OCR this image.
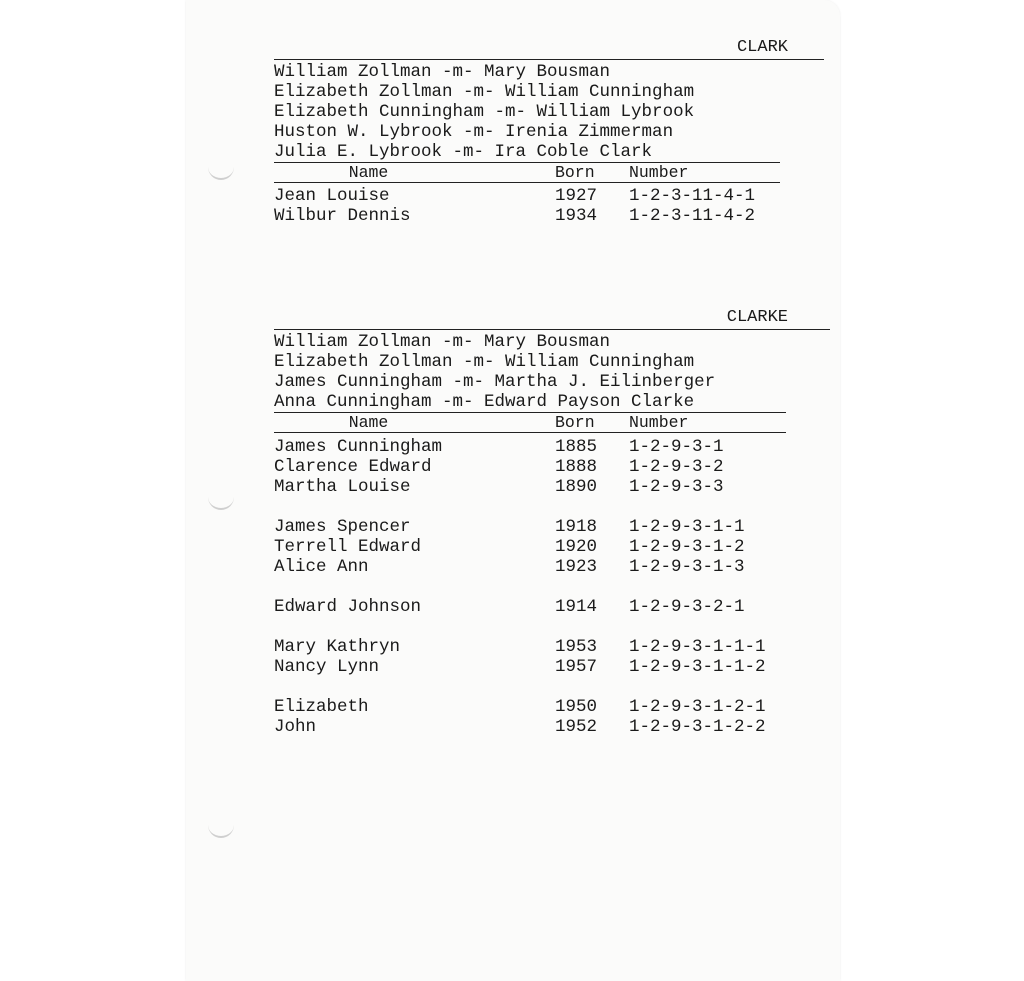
CLARK
William Zollman -m- Mary Bousman
Elizabeth Zollman -m- William Cunningham
Elizabeth Cunningham -m- William Lybrook
Huston W. Lybrook -m- Irenia Zimmerman
Julia E. Lybrook -m- Ira Coble Clark
Name	Born	Number
Jean Louise	1927	1-2-3-11-4-1
Wilbur Dennis	1934	1-2-3-11-4-2
CLARKE
William Zollman -m- Mary Bousman
Elizabeth Zollman -m- William Cunningham
James Cunningham -m- Martha J. Eilinberger
Anna Cunningham -m- Edward Payson Clarke
Name	Born	Number
James Cunningham	1885	1-2-9-3-1
Clarence Edward	1888	1-2-9-3-2
Martha Louise	1890	1-2-9-3-3
James Spencer	1918	1-2-9-3-1-1
Terrell Edward	1920	1-2-9-3-1-2
Alice Ann	1923	1-2-9-3-1-3
Edward Johnson	1914	1-2-9-3-2-1
Mary Kathryn	1953	1-2-9-3-1-1-1
Nancy Lynn	1957	1-2-9-3-1-1-2
Elizabeth	1950	1-2-9-3-1-2-1
John	1952	1-2-9-3-1-2-2
